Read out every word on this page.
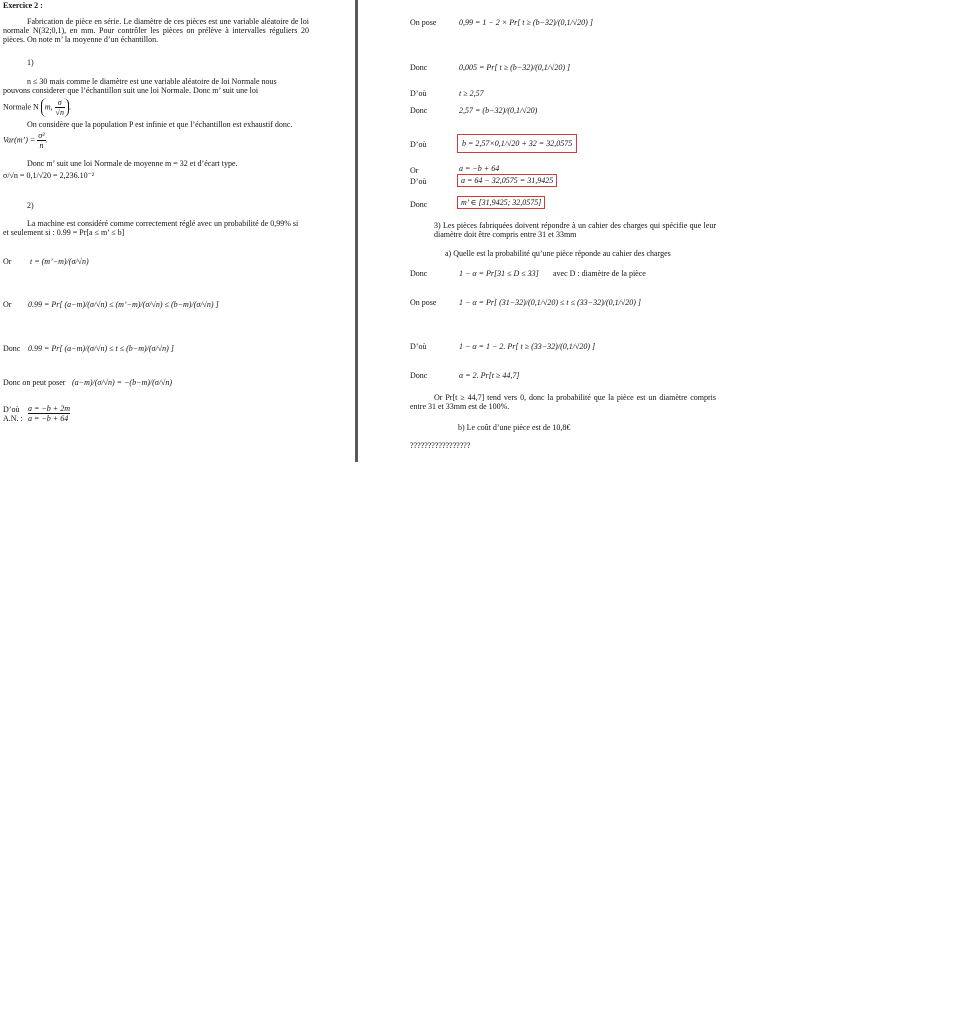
Exercice 2 :
Fabrication de pièce en série. Le diamètre de ces pièces est une variable aléatoire de loi normale N(32;0,1), en mm. Pour contrôler les pièces on prélève à intervalles réguliers 20 pièces. On note m’ la moyenne d’un échantillon.
1)
n ≤ 30 mais comme le diamètre est une variable aléatoire de loi Normale nous pouvons considerer que l’échantillon suit une loi Normale. Donc m’ suit une loi
Normale N m, $\frac{\sigma}{√n}$ .
On considère que la population P est infinie et que l’échantillon est exhaustif donc.
Var(m’) = $\frac{\text{σ²}}{n}$ .
Donc m’ suit une loi Normale de moyenne m = 32 et d’écart type.
σ/√n = 0,1/√20 = 2,236.10⁻²
2)
La machine est considéré comme correctement réglé avec un probabilité de 0,99% si et seulement si : 0.99 = Pr[a ≤ m’ ≤ b]
Or t = (m’−m)/(σ/√n)
Or 0.99 = Pr[ (a−m)/(σ/√n) ≤ (m’−m)/(σ/√n) ≤ (b−m)/(σ/√n) ]
Donc 0.99 = Pr[ (a−m)/(σ/√n) ≤ t ≤ (b−m)/(σ/√n) ]
Donc on peut poser (a−m)/(σ/√n) = −(b−m)/(σ/√n)
D’où a = −b + 2m
A.N. : a = −b + 64
On pose	0,99 = 1 − 2 × Pr[ t ≥ (b−32)/(0,1/√20) ]
Donc	0,005 = Pr[ t ≥ (b−32)/(0,1/√20) ]
D’où	t ≥ 2,57
Donc	2,57 = (b−32)/(0,1/√20)
D’où	b = 2,57×0,1/√20 + 32 = 32,0575
Or	a = −b + 64
D’où	a = 64 − 32,0575 = 31,9425
Donc	m’ ∈ [31,9425; 32,0575]
3) Les pièces fabriquées doivent répondre à un cahier des charges qui spécifie que leur diamètre doit être compris entre 31 et 33mm
a) Quelle est la probabilité qu’une pièce réponde au cahier des charges
Donc	1 − α = Pr[31 ≤ D ≤ 33] avec D : diamètre de la pièce
On pose	1 − α = Pr[ (31−32)/(0,1/√20) ≤ t ≤ (33−32)/(0,1/√20) ]
D’où	1 − α = 1 − 2. Pr[ t ≥ (33−32)/(0,1/√20) ]
Donc	α = 2. Pr[t ≥ 44,7]
Or Pr[t ≥ 44,7] tend vers 0, donc la probabilité que la pièce est un diamètre compris entre 31 et 33mm est de 100%.
b) Le coût d’une pièce est de 10,8€
?????????????????
